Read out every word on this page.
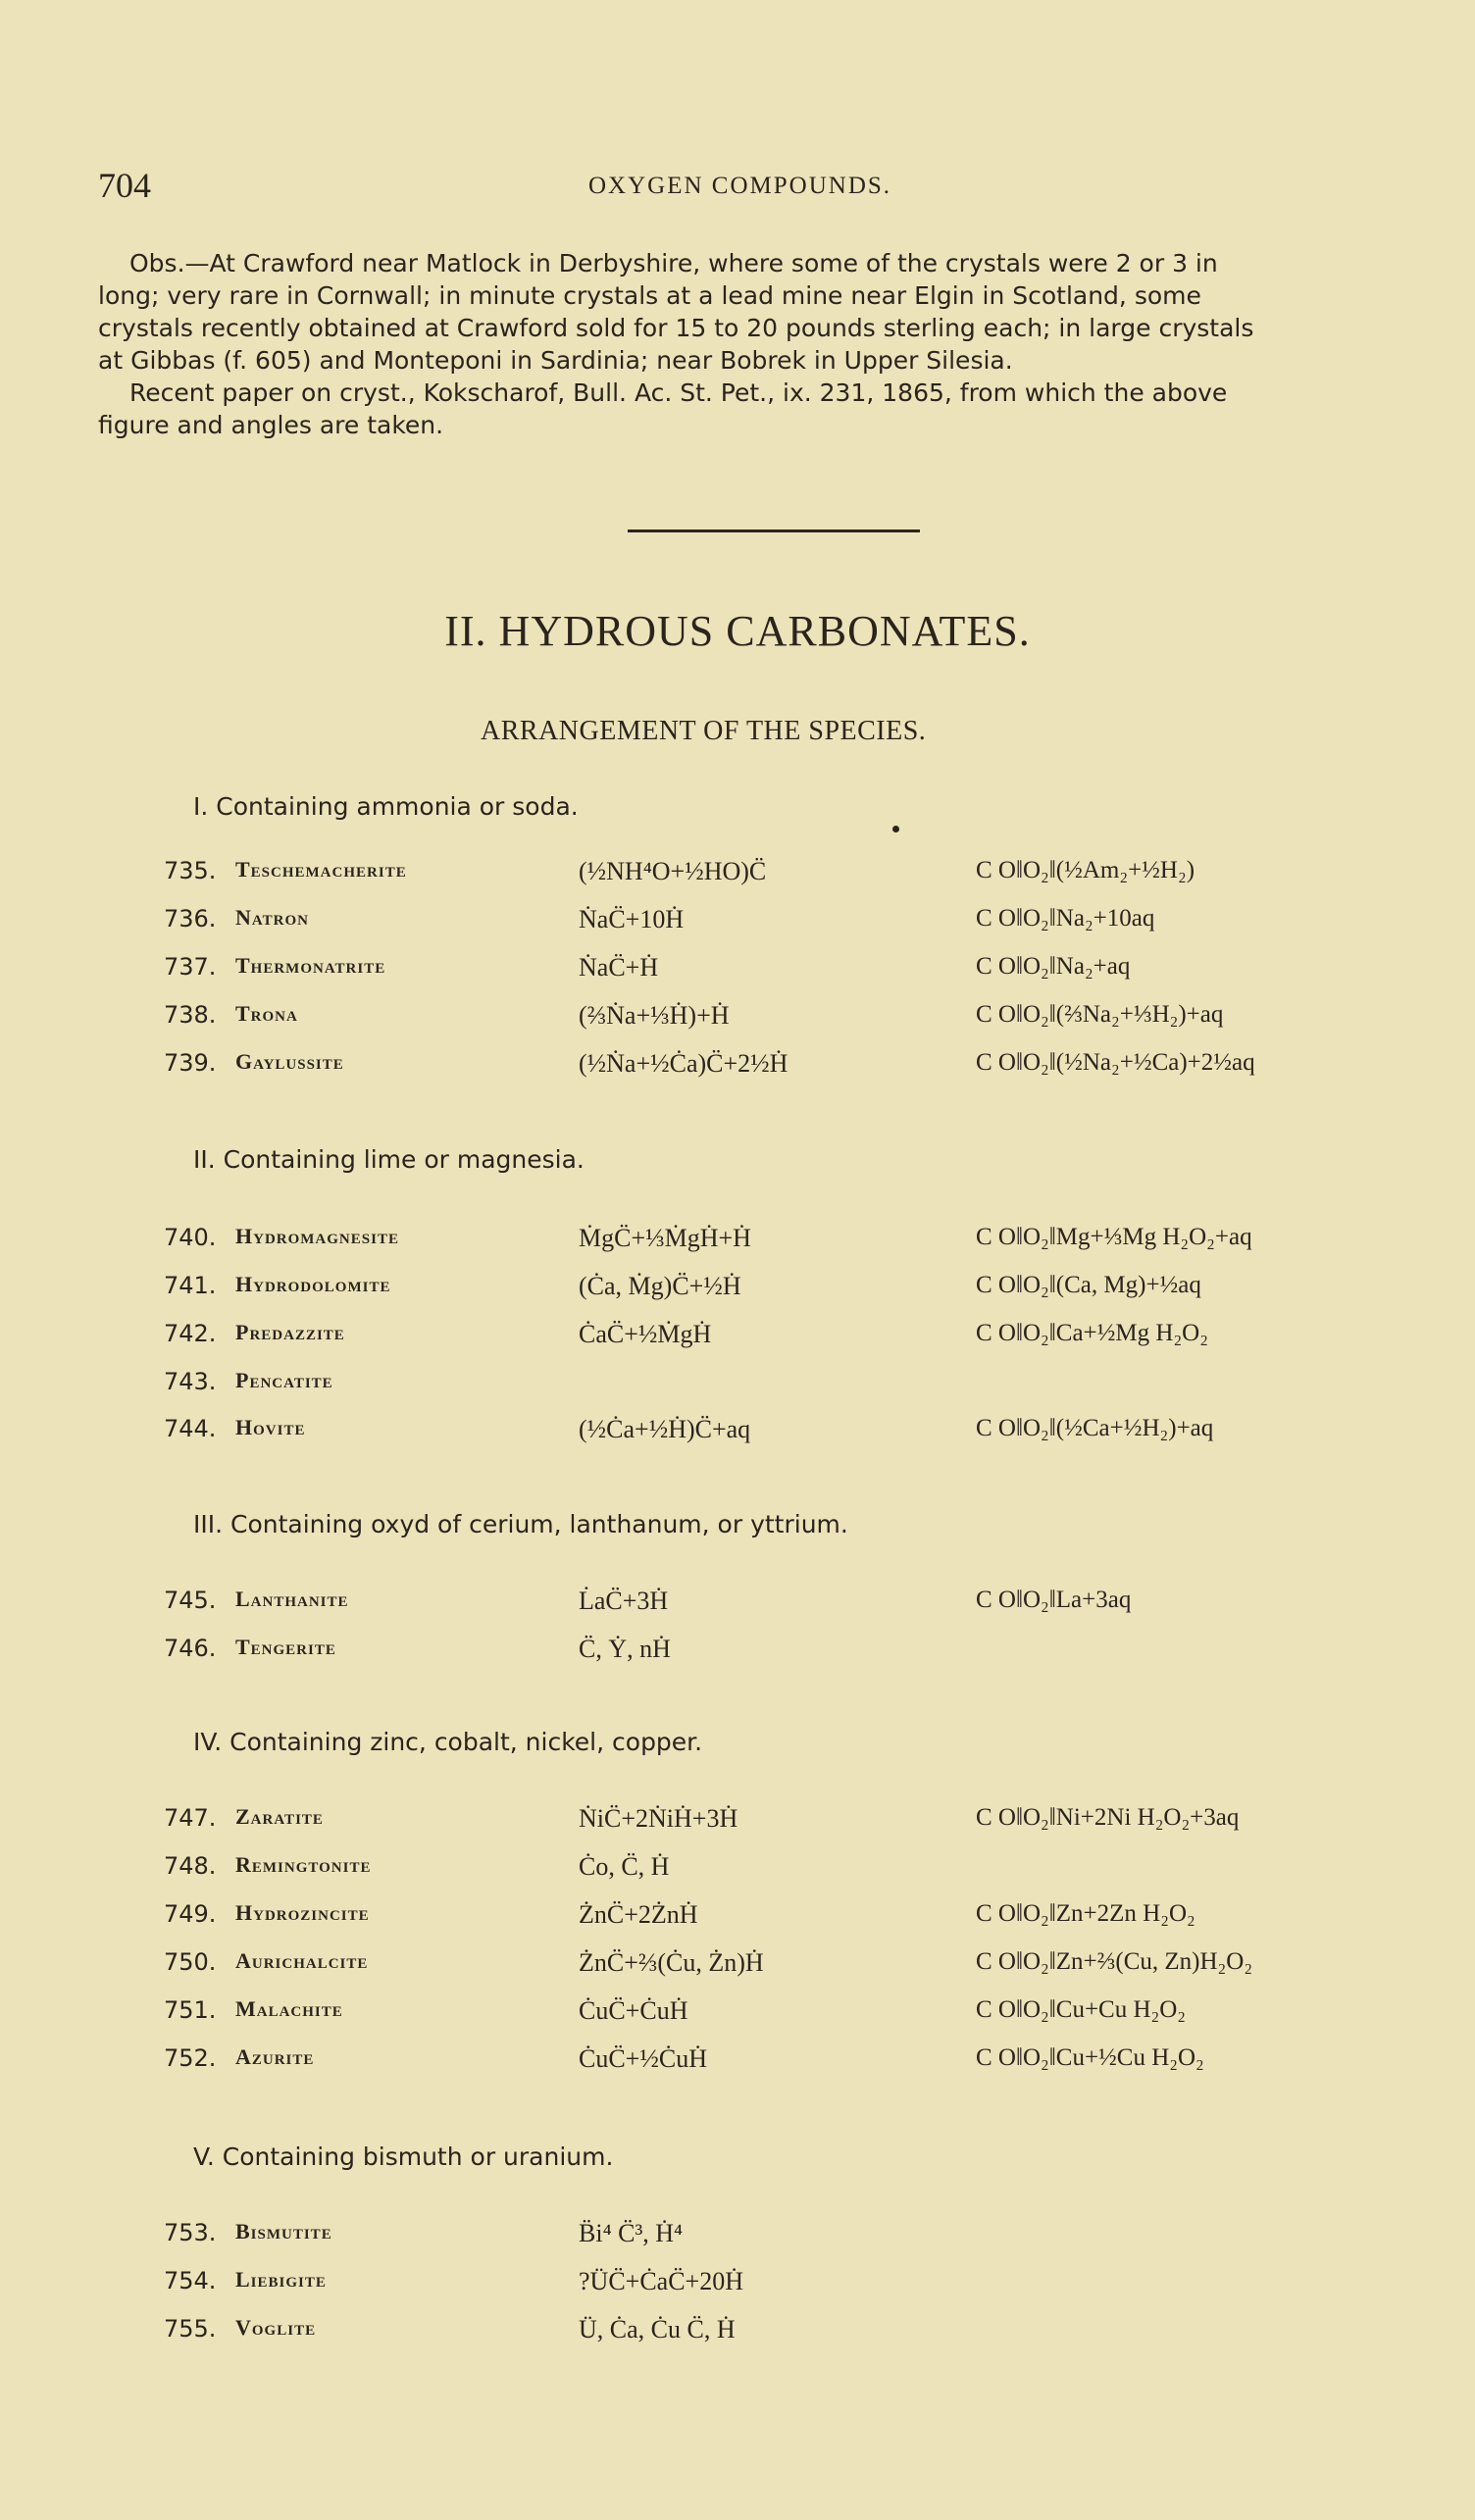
704	OXYGEN COMPOUNDS.

Obs.—At Crawford near Matlock in Derbyshire, where some of the crystals were 2 or 3 in

long; very rare in Cornwall; in minute crystals at a lead mine near Elgin in Scotland, some

crystals recently obtained at Crawford sold for 15 to 20 pounds sterling each; in large crystals

at Gibbas (f. 605) and Monteponi in Sardinia; near Bobrek in Upper Silesia.

Recent paper on cryst., Kokscharof, Bull. Ac. St. Pet., ix. 231, 1865, from which the above

figure and angles are taken.

II. HYDROUS CARBONATES.
ARRANGEMENT OF THE SPECIES.
I. Containing ammonia or soda.
735. Teschemacherite	(½NH⁴O+½HO)C̈	C O‖O₂‖(½Am₂+½H₂)
736. Natron	ṄaC̈+10Ḣ	C O‖O₂‖Na₂+10aq
737. Thermonatrite	ṄaC̈+Ḣ	C O‖O₂‖Na₂+aq
738. Trona	(⅔Ṅa+⅓Ḣ)+Ḣ	C O‖O₂‖(⅔Na₂+⅓H₂)+aq
739. Gaylussite	(½Ṅa+½Ċa)C̈+2½Ḣ	C O‖O₂‖(½Na₂+½Ca)+2½aq
II. Containing lime or magnesia.
740. Hydromagnesite	ṀgC̈+⅓ṀgḢ+Ḣ	C O‖O₂‖Mg+⅓Mg H₂O₂+aq
741. Hydrodolomite	(Ċa, Ṁg)C̈+½Ḣ	C O‖O₂‖(Ca, Mg)+½aq
742. Predazzite	ĊaC̈+½ṀgḢ	C O‖O₂‖Ca+½Mg H₂O₂
743. Pencatite
744. Hovite	(½Ċa+½Ḣ)C̈+aq	C O‖O₂‖(½Ca+½H₂)+aq
III. Containing oxyd of cerium, lanthanum, or yttrium.
745. Lanthanite	L̇aC̈+3Ḣ	C O‖O₂‖La+3aq
746. Tengerite	C̈, Ẏ, nḢ
IV. Containing zinc, cobalt, nickel, copper.
747. Zaratite	ṄiC̈+2ṄiḢ+3Ḣ	C O‖O₂‖Ni+2Ni H₂O₂+3aq
748. Remingtonite	Ċo, C̈, Ḣ
749. Hydrozincite	ŻnC̈+2ŻnḢ	C O‖O₂‖Zn+2Zn H₂O₂
750. Aurichalcite	ŻnC̈+⅔(Ċu, Żn)Ḣ	C O‖O₂‖Zn+⅔(Cu, Zn)H₂O₂
751. Malachite	ĊuC̈+ĊuḢ	C O‖O₂‖Cu+Cu H₂O₂
752. Azurite	ĊuC̈+½ĊuḢ	C O‖O₂‖Cu+½Cu H₂O₂
V. Containing bismuth or uranium.
753. Bismutite	B̈i⁴ C̈³, Ḣ⁴
754. Liebigite	?ÜC̈+ĊaC̈+20Ḣ
755. Voglite	Ü, Ċa, Ċu C̈, Ḣ
